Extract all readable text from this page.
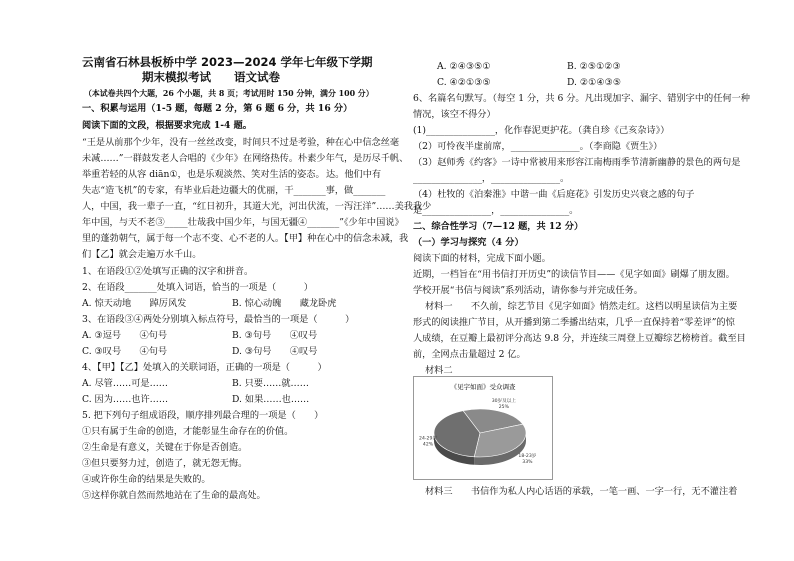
云南省石林县板桥中学 2023—2024 学年七年级下学期
期末模拟考试　　语文试卷
（本试卷共四个大题，26 个小题，共 8 页；考试用时 150 分钟，满分 100 分）
一、积累与运用（1-5 题，每题 2 分，第 6 题 6 分，共 16 分）
阅读下面的文段，根据要求完成 1-4 题。
“王是从前那个少年，没有一丝丝改变，时间只不过是考验，种在心中信念丝毫
未减……”一群鼓发老人合唱的《少年》在网络热传。朴素少年气，是历尽千帆、
举重若轻的从容 diān①，也是乐观淡然、笑对生活的姿态。 达。他们中有
失志“造飞机”的专家，有毕业后赴边疆大的优丽，干_______事，做_______
人，中国，我一辈子一直，“红日初升，其道大光，河出伏流，一泻汪洋”……美我我少
年中国，与天不老③_____壮哉我中国少年，与国无疆④_______”《少年中国说》
里的蓬勃朝气，属于每一个志不变、心不老的人。【甲】种在心中的信念未减，我
们【乙】就会走遍万水千山。
1、在语段①②处填写正确的汉字和拼音。
2、在语段_______处填入词语，恰当的一项是（　　　）
A. 惊天动地　　踔厉风发	B. 惊心动魄　　藏龙卧虎
3、在语段③④两处分别填入标点符号，最恰当的一项是（　　　）
A. ③逗号　　④句号	B. ③句号　　④叹号
C. ③叹号　　④句号	D. ③句号　　④叹号
4、【甲】【乙】处填入的关联词语，正确的一项是（　　　）
A. 尽管……可是……	B. 只要……就……
C. 因为……也许……	D. 如果……也……
5. 把下列句子组成语段，顺序排列最合理的一项是（　　）
①只有属于生命的创造，才能彰显生命存在的价值。
②生命是有意义，关键在于你是否创造。
③但只要努力过，创造了，就无怨无悔。
④或许你生命的结果是失败的。
⑤这样你就自然而然地站在了生命的最高处。
A. ②④③⑤①	B. ②⑤①②③
C. ④②①③⑤	D. ②①④③⑤
6、名篇名句默写。（每空 1 分，共 6 分。凡出现加字、漏字、错别字中的任何一种
情况，该空不得分）
(1)_______________，化作春泥更护花。（龚自珍《己亥杂诗》）
（2）可怜夜半虚前席，_______________。（李商隐《贾生》）
（3）赵师秀《约客》一诗中常被用来形容江南梅雨季节清新幽静的景色的两句是
_______________，_______________。
（4）杜牧的《泊秦淮》中谐一曲《后庭花》引发历史兴衰之感的句子
是_______________，_______________。
二、综合性学习（7—12 题，共 12 分）
（一）学习与探究（4 分）
阅读下面的材料，完成下面小题。
近期，一档旨在“用书信打开历史”的读信节目——《见字如面》刷爆了朋友圈。
学校开展“书信与阅读”系列活动，请你参与并完成任务。
材料一　　不久前，综艺节目《见字如面》悄然走红。这档以明星读信为主要
形式的阅读推广节目，从开播到第二季播出结束，几乎一直保持着“零差评”的惊
人成绩，在豆瓣上最初评分高达 9.8 分，并连续三周登上豆瓣综艺榜榜首。截至目
前，全网点击量超过 2 亿。
材料二
《见字如面》受众调查
30岁及以上
25%
18-23岁
33%
24-29岁
42%
材料三　　书信作为私人内心话语的承载，一笔一画、一字一行，无不灌注着
